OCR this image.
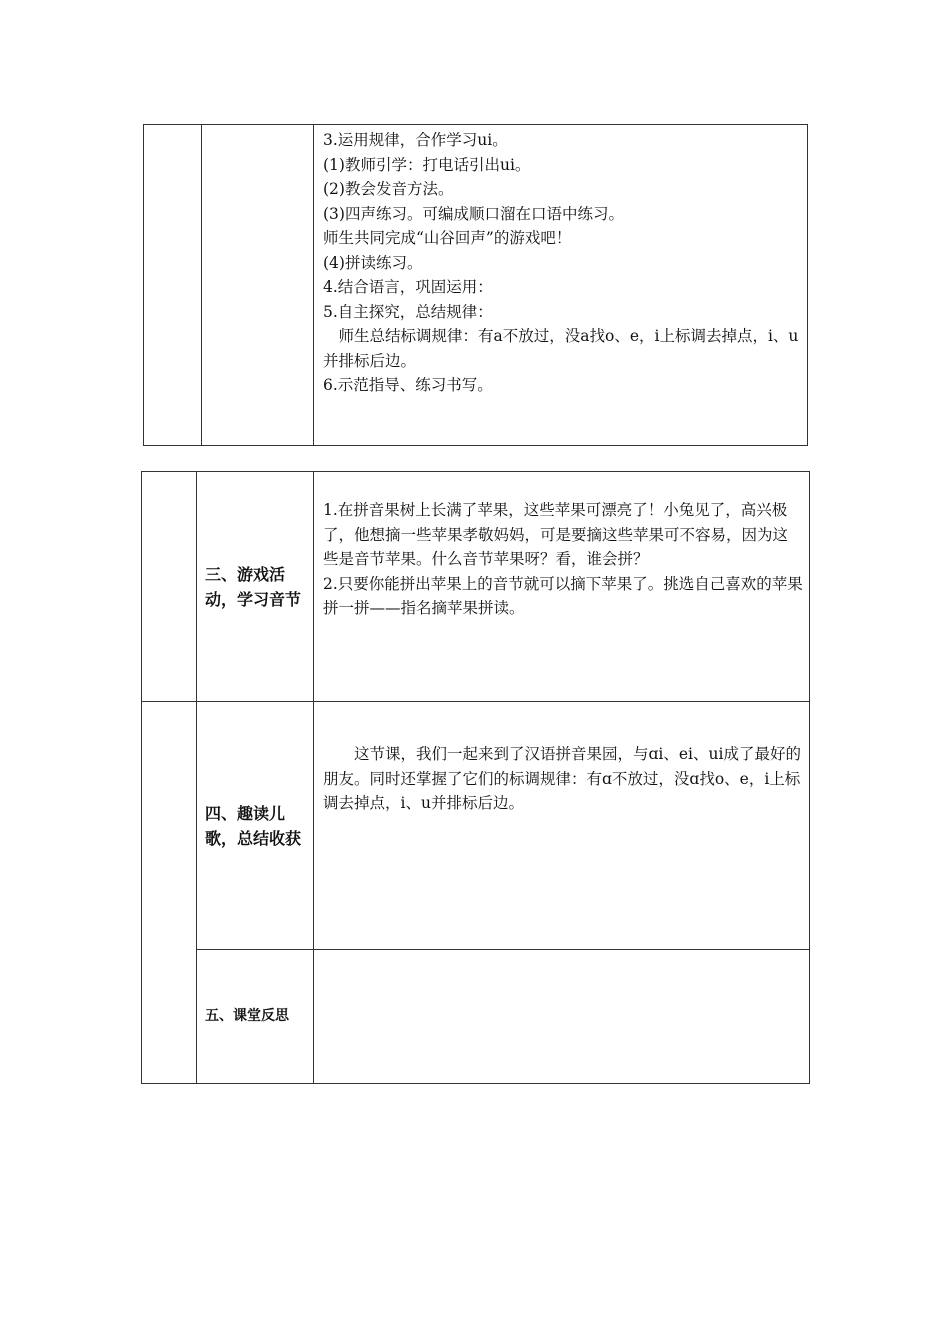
3.运用规律，合作学习ui。

(1)教师引学：打电话引出ui。

(2)教会发音方法。

(3)四声练习。可编成顺口溜在口语中练习。

师生共同完成“山谷回声”的游戏吧！

(4)拼读练习。

4.结合语言，巩固运用：

5.自主探究，总结规律：

师生总结标调规律：有a不放过，没a找o、e，i上标调去掉点，i、u并排标后边。

6.示范指导、练习书写。

	三、游戏活动，学习音节	1.在拼音果树上长满了苹果，这些苹果可漂亮了！小兔见了，高兴极了，他想摘一些苹果孝敬妈妈，可是要摘这些苹果可不容易，因为这些是音节苹果。什么音节苹果呀？看，谁会拼？

2.只要你能拼出苹果上的音节就可以摘下苹果了。挑选自己喜欢的苹果拼一拼——指名摘苹果拼读。

	四、趣读儿歌，总结收获	这节课，我们一起来到了汉语拼音果园，与ɑi、ei、ui成了最好的朋友。同时还掌握了它们的标调规律：有ɑ不放过，没ɑ找o、e，i上标调去掉点，i、u并排标后边。

	五、课堂反思	
